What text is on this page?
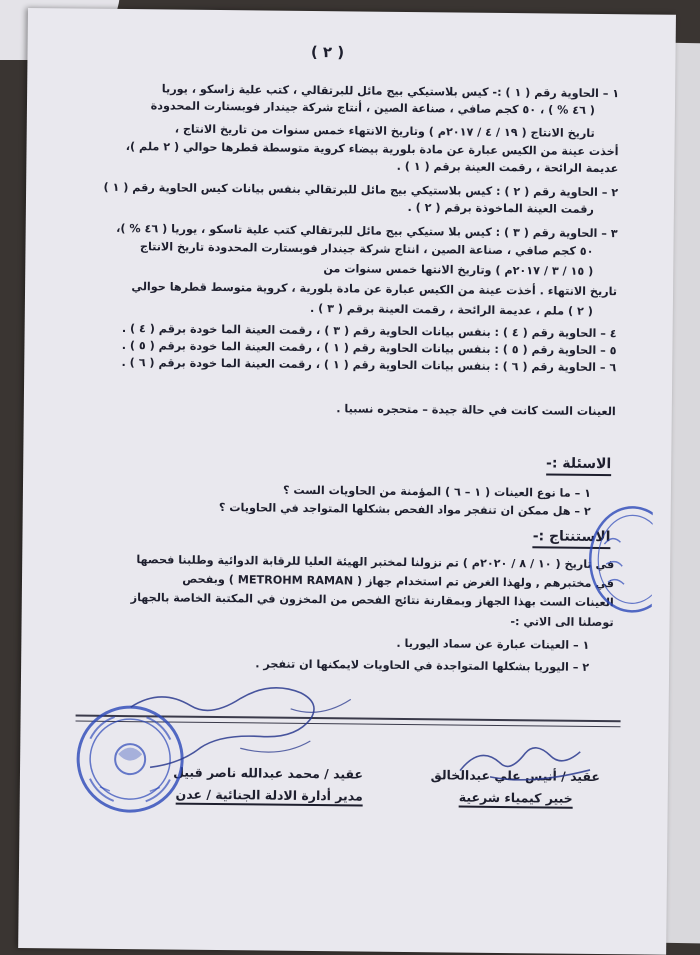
( ٢ )
١ – الحاوية رقم ( ١ ) :- كيس بلاستيكي بيج مائل للبرتقالي ، كتب علية زاسكو ، يوريا
( ٤٦ % ) ، ٥٠ كجم صافي ، صناعة الصين ، أنتاج شركة جيندار فوبستارت المحدودة
تاريخ الانتاج ( ١٩ / ٤ / ٢٠١٧م ) وتاريخ الانتهاء خمس سنوات من تاريخ الانتاج ،
أخذت عينة من الكيس عبارة عن مادة بلورية بيضاء كروية متوسطة قطرها حوالي ( ٢ ملم )،
عديمة الرائحة ، رقمت العينة برقم ( ١ ) .
٢ – الحاوية رقم ( ٢ ) : كيس بلاستيكي بيج مائل للبرتقالي بنفس بيانات كيس الحاوية رقم ( ١ )
رقمت العينة الماخوذة برقم ( ٢ ) .
٣ – الحاوية رقم ( ٣ ) : كيس بلا ستيكي بيج مائل للبرتقالي كتب علية تاسكو ، يوريا ( ٤٦ % )،
٥٠ كجم صافي ، صناعة الصين ، انتاج شركة جيندار فوبستارت المحدودة تاريخ الانتاج
( ١٥ / ٣ / ٢٠١٧م ) وتاريخ الانتها خمس سنوات من
تاريخ الانتهاء . أخذت عينة من الكيس عبارة عن مادة بلورية ، كروية متوسط قطرها حوالي
( ٢ ) ملم ، عديمة الرائحة ، رقمت العينة برقم ( ٣ ) .
٤ – الحاوية رقم ( ٤ ) : بنفس بيانات الحاوية رقم ( ٣ ) ، رقمت العينة الما خودة برقم ( ٤ ) .
٥ – الحاوية رقم ( ٥ ) : بنفس بيانات الحاوية رقم ( ١ ) ، رقمت العينة الما خودة برقم ( ٥ ) .
٦ – الحاوية رقم ( ٦ ) : بنفس بيانات الحاوية رقم ( ١ ) ، رقمت العينة الما خودة برقم ( ٦ ) .
العينات الست كانت في حالة جيدة – متحجره نسبيا .
الاسئلة :-
١ – ما نوع العينات ( ١ – ٦ ) المؤمنة من الحاويات الست ؟
٢ – هل ممكن ان تنفجر مواد الفحص بشكلها المتواجد في الحاويات ؟
الاستنتاج :-
في تاريخ ( ١٠ / ٨ / ٢٠٢٠م ) تم نزولنا لمختبر الهيئة العليا للرقابة الدوائية وطلبنا فحصها
في مختبرهم , ولهذا الغرض تم استخدام جهاز ( METROHM RAMAN ) وبفحص
العينات الست بهذا الجهاز وبمقارنة نتائج الفحص من المخزون في المكتبة الخاصة بالجهاز
توصلنا الى الاتي :-
١ – العينات عبارة عن سماد اليوريا .
٢ – اليوريا بشكلها المتواجدة في الحاويات لايمكنها ان تنفجر .
عقيد / أنيس علي عبدالخالق
خبير كيمياء شرعية
عقيد / محمد عبدالله ناصر قبيل
مدير أدارة الادلة الجنائية / عدن
